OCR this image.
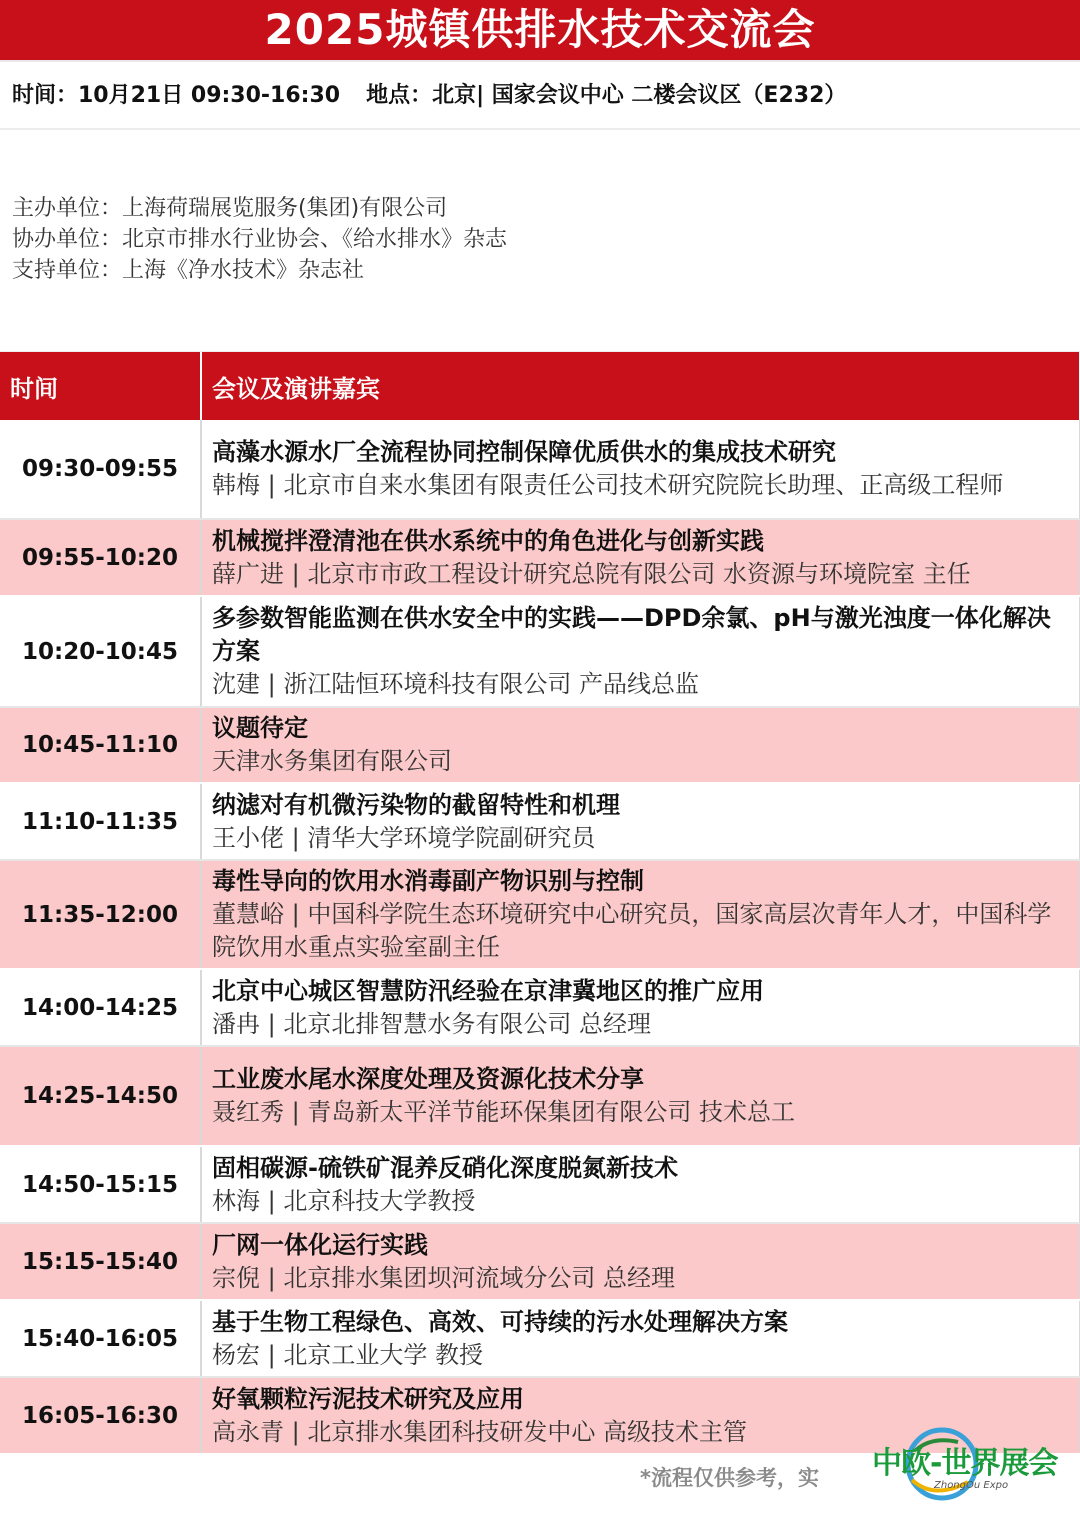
2025城镇供排水技术交流会
时间：10月21日 09:30-16:30 地点：北京| 国家会议中心 二楼会议区（E232）
主办单位：上海荷瑞展览服务(集团)有限公司
协办单位：北京市排水行业协会、《给水排水》杂志
支持单位：上海《净水技术》杂志社
时间	会议及演讲嘉宾
09:30-09:55	高藻水源水厂全流程协同控制保障优质供水的集成技术研究
韩梅 | 北京市自来水集团有限责任公司技术研究院院长助理、正高级工程师

09:55-10:20	机械搅拌澄清池在供水系统中的角色进化与创新实践
薛广进 | 北京市市政工程设计研究总院有限公司 水资源与环境院室 主任

10:20-10:45	多参数智能监测在供水安全中的实践——DPD余氯、pH与激光浊度一体化解决方案
沈建 | 浙江陆恒环境科技有限公司 产品线总监

10:45-11:10	议题待定
天津水务集团有限公司

11:10-11:35	纳滤对有机微污染物的截留特性和机理
王小佬 | 清华大学环境学院副研究员

11:35-12:00	毒性导向的饮用水消毒副产物识别与控制
董慧峪 | 中国科学院生态环境研究中心研究员，国家高层次青年人才，中国科学院饮用水重点实验室副主任

14:00-14:25	北京中心城区智慧防汛经验在京津冀地区的推广应用
潘冉 | 北京北排智慧水务有限公司 总经理

14:25-14:50	工业废水尾水深度处理及资源化技术分享
聂红秀 | 青岛新太平洋节能环保集团有限公司 技术总工

14:50-15:15	固相碳源-硫铁矿混养反硝化深度脱氮新技术
林海 | 北京科技大学教授

15:15-15:40	厂网一体化运行实践
宗倪 | 北京排水集团坝河流域分公司 总经理

15:40-16:05	基于生物工程绿色、高效、可持续的污水处理解决方案
杨宏 | 北京工业大学 教授

16:05-16:30	好氧颗粒污泥技术研究及应用
高永青 | 北京排水集团科技研发中心 高级技术主管
*流程仅供参考，实 中欧-世界展会
ZhongOu Expo
